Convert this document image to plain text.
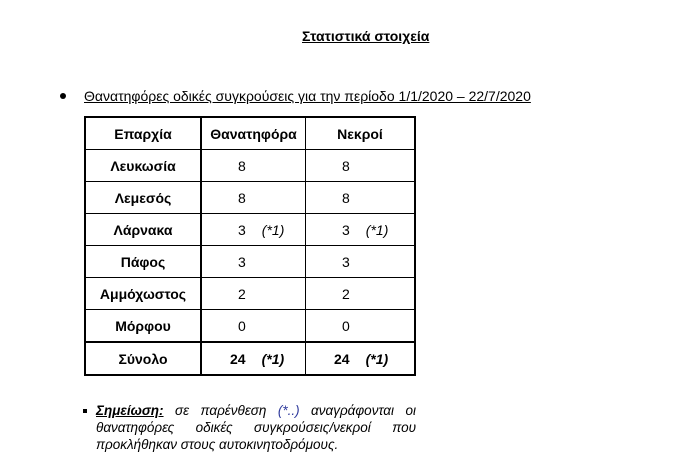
Στατιστικά στοιχεία
Θανατηφόρες οδικές συγκρούσεις για την περίοδο 1/1/2020 – 22/7/2020
Επαρχία	Θανατηφόρα	Νεκροί
Λευκωσία	8	8
Λεμεσός	8	8
Λάρνακα	3 (*1)	3 (*1)
Πάφος	3	3
Αμμόχωστος	2	2
Μόρφου	0	0
Σύνολο	24 (*1)	24 (*1)
Σημείωση: σε παρένθεση (*..) αναγράφονται οι θανατηφόρες οδικές συγκρούσεις/νεκροί που προκλήθηκαν στους αυτοκινητοδρόμους.
